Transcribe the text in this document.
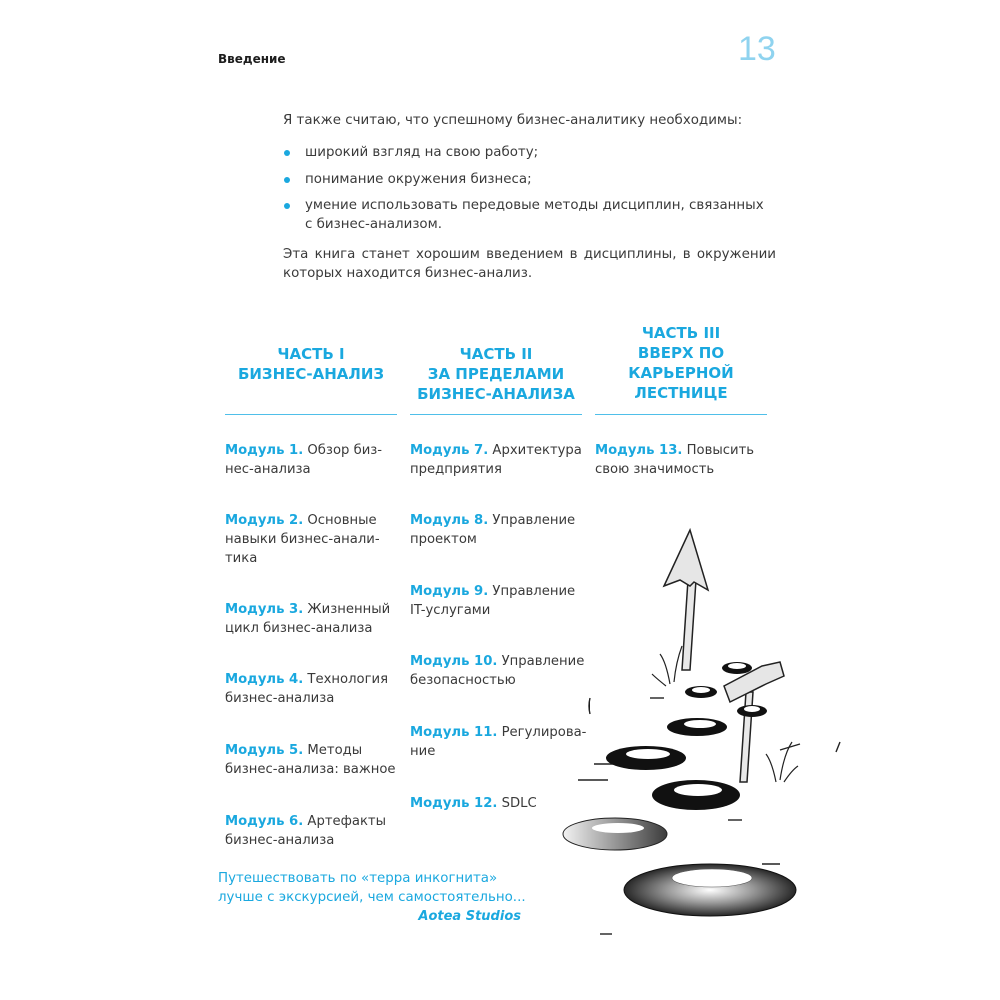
Введение	13
Я также считаю, что успешному бизнес-аналитику необходимы:
широкий взгляд на свою работу;
понимание окружения бизнеса;
умение использовать передовые методы дисциплин, связанных
с бизнес-анализом.
Эта книга станет хорошим введением в дисциплины, в окружении
которых находится бизнес-анализ.
ЧАСТЬ I
БИЗНЕС-АНАЛИЗ
ЧАСТЬ II
ЗА ПРЕДЕЛАМИ
БИЗНЕС-АНАЛИЗА
ЧАСТЬ III
ВВЕРХ ПО
КАРЬЕРНОЙ
ЛЕСТНИЦЕ
Модуль 1. Обзор биз-
нес-анализа
Модуль 2. Основные
навыки бизнес-анали-
тика
Модуль 3. Жизненный
цикл бизнес-анализа
Модуль 4. Технология
бизнес-анализа
Модуль 5. Методы
бизнес-анализа: важное
Модуль 6. Артефакты
бизнес-анализа
Модуль 7. Архитектура
предприятия
Модуль 8. Управление
проектом
Модуль 9. Управление
IT-услугами
Модуль 10. Управление
безопасностью
Модуль 11. Регулирова-
ние
Модуль 12. SDLC
Модуль 13. Повысить
свою значимость
Путешествовать по «терра инкогнита»
лучше с экскурсией, чем самостоятельно...
Aotea Studios
